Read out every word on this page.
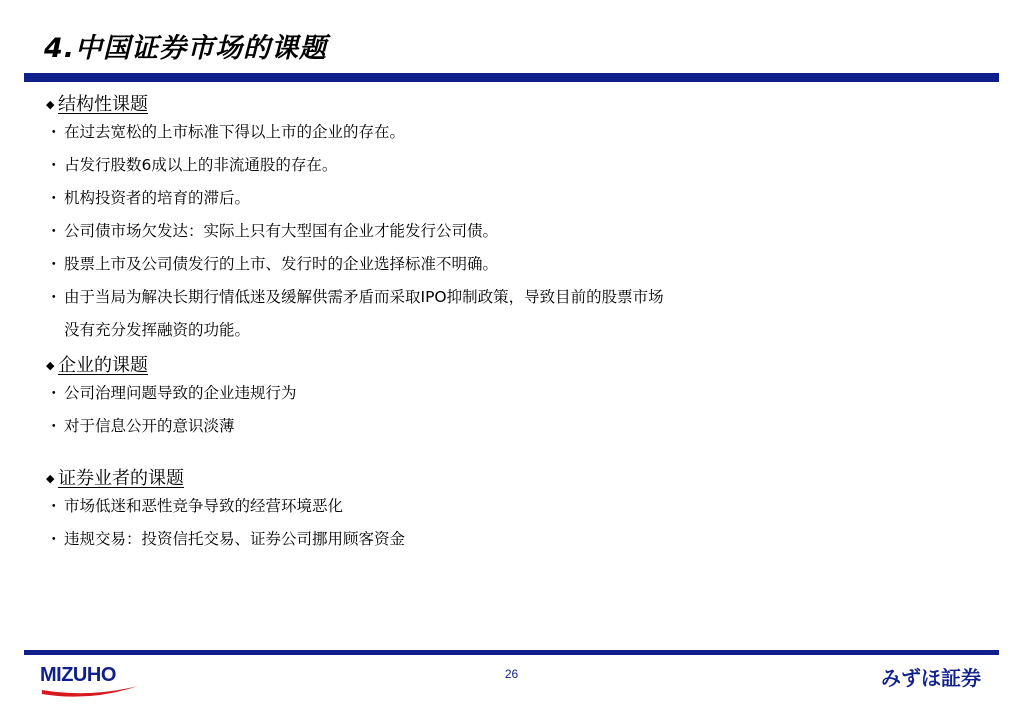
4.中国证券市场的课题
◆ 结构性课题
・ 在过去宽松的上市标准下得以上市的企业的存在。
・ 占发行股数6成以上的非流通股的存在。
・ 机构投资者的培育的滞后。
・ 公司债市场欠发达：实际上只有大型国有企业才能发行公司债。
・ 股票上市及公司债发行的上市、发行时的企业选择标准不明确。
・ 由于当局为解决长期行情低迷及缓解供需矛盾而采取IPO抑制政策，导致目前的股票市场
没有充分发挥融资的功能。
◆ 企业的课题
・ 公司治理问题导致的企业违规行为
・ 对于信息公开的意识淡薄
◆ 证券业者的课题
・ 市场低迷和恶性竞争导致的经营环境恶化
・ 违规交易：投资信托交易、证券公司挪用顾客资金
MIZUHO	26	みずほ証券
